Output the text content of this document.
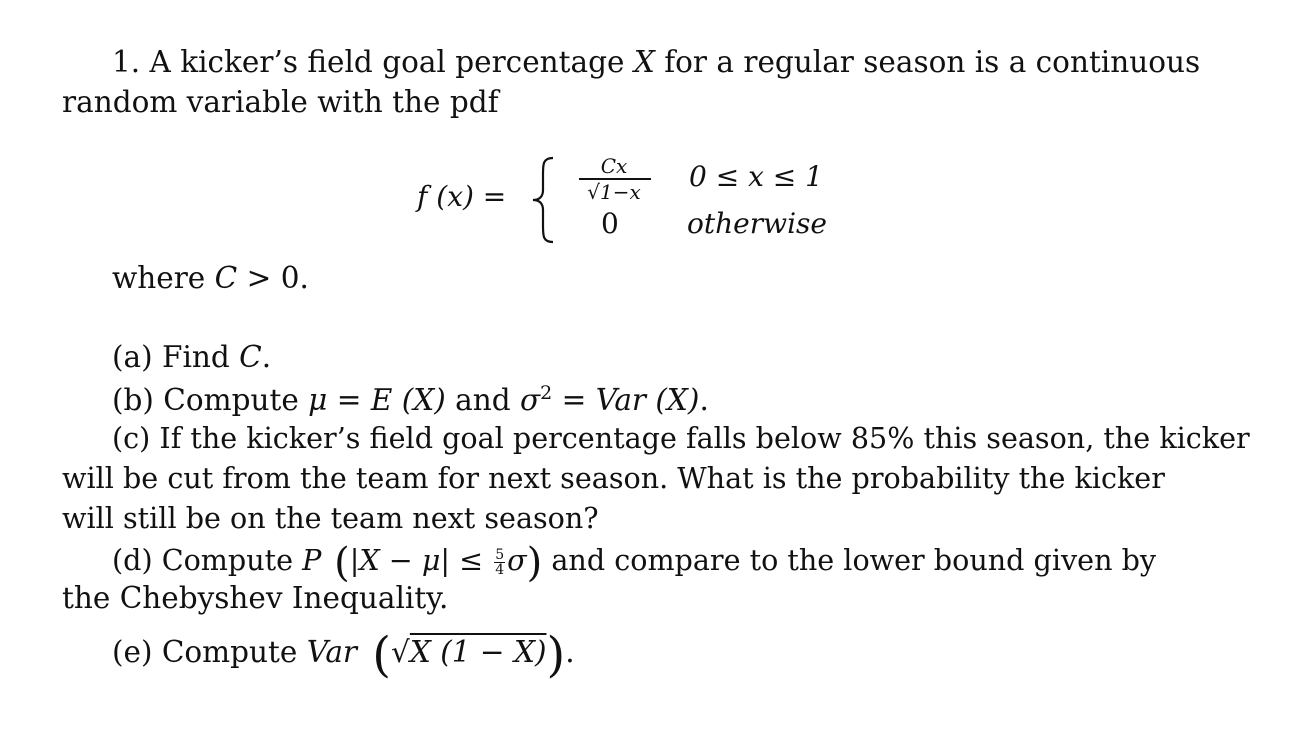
1. A kicker’s field goal percentage X for a regular season is a continuous
random variable with the pdf
f (x) =
Cx
√1−x
0
0 ≤ x ≤ 1
otherwise
where C > 0.
(a) Find C.
(b) Compute μ = E (X) and $\sigma^2$ = Var (X).
(c) If the kicker’s field goal percentage falls below 85% this season, the kicker
will be cut from the team for next season. What is the probability the kicker
will still be on the team next season?
(d) Compute P $(|X - \mu| \le \frac{5}{4} \sigma)$ and compare to the lower bound given by
the Chebyshev Inequality.
(e) Compute Var (√X (1 − X)).
